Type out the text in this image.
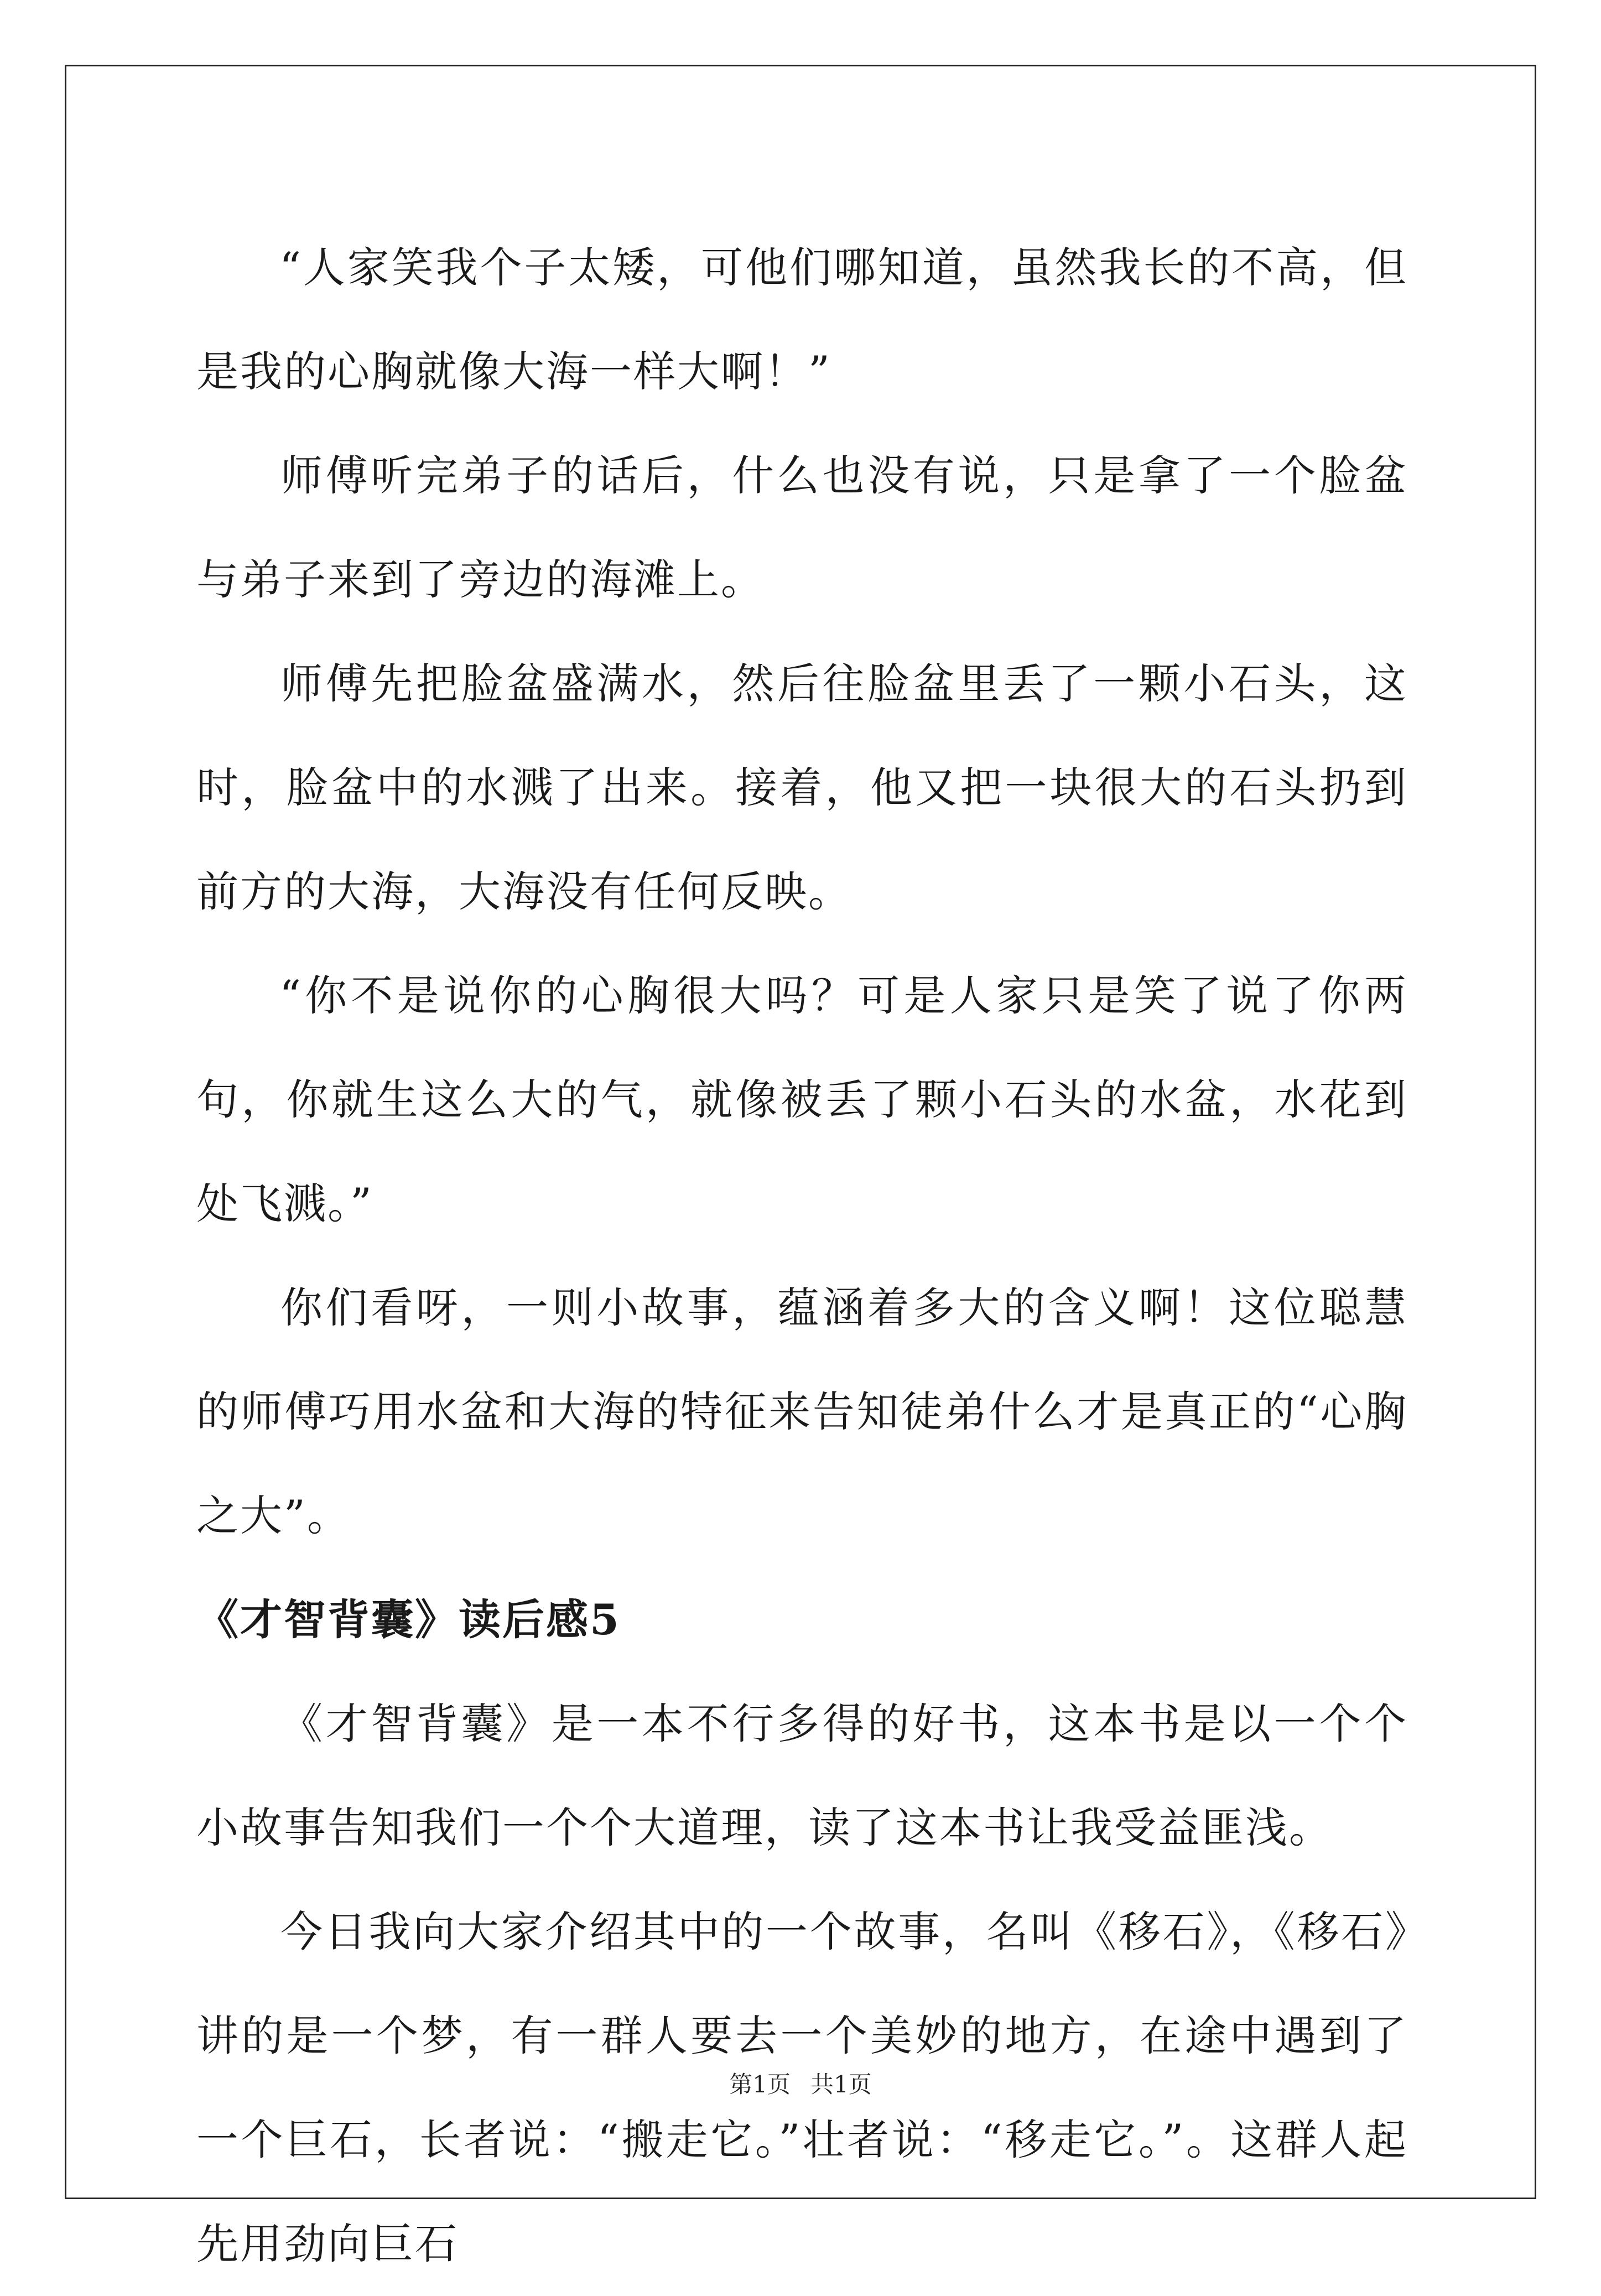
“人家笑我个子太矮，可他们哪知道，虽然我长的不高，但是我的心胸就像大海一样大啊！”

师傅听完弟子的话后，什么也没有说，只是拿了一个脸盆与弟子来到了旁边的海滩上。

师傅先把脸盆盛满水，然后往脸盆里丢了一颗小石头，这时，脸盆中的水溅了出来。接着，他又把一块很大的石头扔到前方的大海，大海没有任何反映。

“你不是说你的心胸很大吗？可是人家只是笑了说了你两句，你就生这么大的气，就像被丢了颗小石头的水盆，水花到处飞溅。”

你们看呀，一则小故事，蕴涵着多大的含义啊！这位聪慧的师傅巧用水盆和大海的特征来告知徒弟什么才是真正的“心胸之大”。

《才智背囊》读后感5

《才智背囊》是一本不行多得的好书，这本书是以一个个小故事告知我们一个个大道理，读了这本书让我受益匪浅。

今日我向大家介绍其中的一个故事，名叫《移石》，《移石》讲的是一个梦，有一群人要去一个美妙的地方，在途中遇到了一个巨石，长者说：“搬走它。”壮者说：“移走它。”。这群人起先用劲向巨石

第1页 共1页
